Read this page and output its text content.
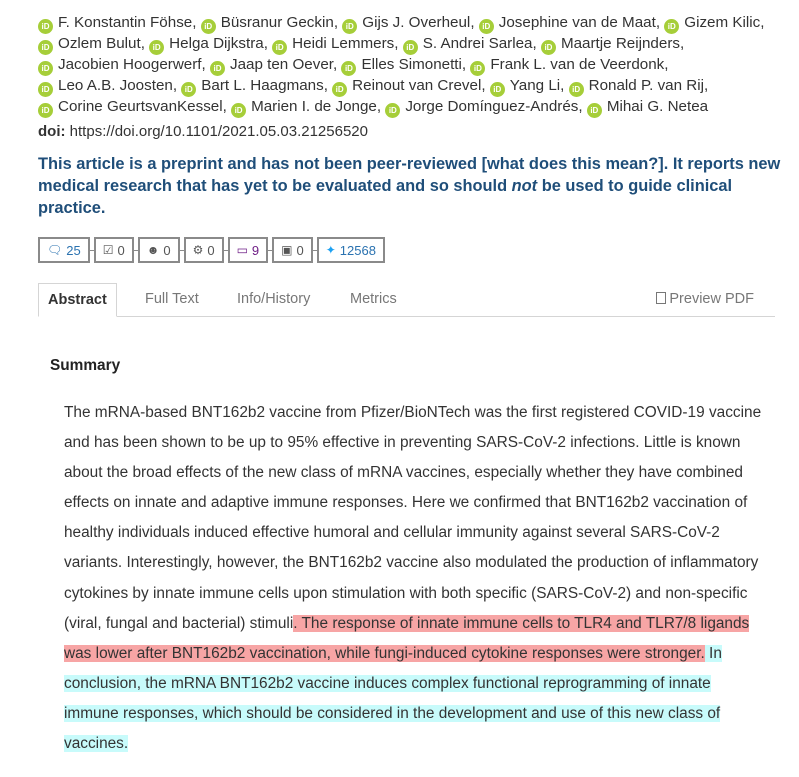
iD F. Konstantin Föhse, iD Büsranur Geckin, iD Gijs J. Overheul, iD Josephine van de Maat, iD Gizem Kilic, iD Ozlem Bulut, iD Helga Dijkstra, iD Heidi Lemmers, iD S. Andrei Sarlea, iD Maartje Reijnders, iD Jacobien Hoogerwerf, iD Jaap ten Oever, iD Elles Simonetti, iD Frank L. van de Veerdonk, iD Leo A.B. Joosten, iD Bart L. Haagmans, iD Reinout van Crevel, iD Yang Li, iD Ronald P. van Rij, iD Corine GeurtsvanKessel, iD Marien I. de Jonge, iD Jorge Domínguez-Andrés, iD Mihai G. Netea
doi: https://doi.org/10.1101/2021.05.03.21256520
This article is a preprint and has not been peer-reviewed [what does this mean?]. It reports new medical research that has yet to be evaluated and so should not be used to guide clinical practice.
🗨 25 ☑ 0 ☻ 0 ⚙ 0 ▭ 9 ▣ 0 ✦ 12568
Abstract	Full Text	Info/History	Metrics	Preview PDF
Summary
The mRNA-based BNT162b2 vaccine from Pfizer/BioNTech was the first registered COVID-19 vaccine and has been shown to be up to 95% effective in preventing SARS-CoV-2 infections. Little is known about the broad effects of the new class of mRNA vaccines, especially whether they have combined effects on innate and adaptive immune responses. Here we confirmed that BNT162b2 vaccination of healthy individuals induced effective humoral and cellular immunity against several SARS-CoV-2 variants. Interestingly, however, the BNT162b2 vaccine also modulated the production of inflammatory cytokines by innate immune cells upon stimulation with both specific (SARS-CoV-2) and non-specific (viral, fungal and bacterial) stimuli. The response of innate immune cells to TLR4 and TLR7/8 ligands was lower after BNT162b2 vaccination, while fungi-induced cytokine responses were stronger. In conclusion, the mRNA BNT162b2 vaccine induces complex functional reprogramming of innate immune responses, which should be considered in the development and use of this new class of vaccines.
